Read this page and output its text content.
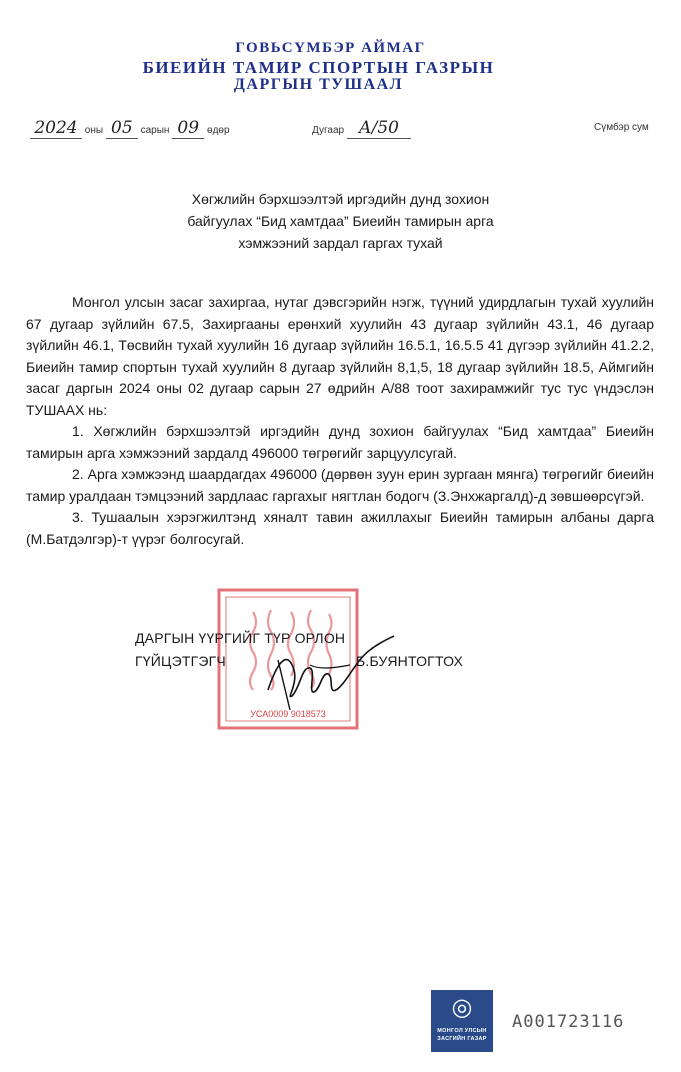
ГОВЬСҮМБЭР АЙМАГ
БИЕИЙН ТАМИР СПОРТЫН ГАЗРЫН
ДАРГЫН ТУШААЛ
2024 оны 05 сарын 09 өдөр	Дугаар А/50	Сүмбэр сум
Хөгжлийн бэрхшээлтэй иргэдийн дунд зохион
байгуулах “Бид хамтдаа” Биеийн тамирын арга
хэмжээний зардал гаргах тухай

Монгол улсын засаг захиргаа, нутаг дэвсгэрийн нэгж, түүний удирдлагын тухай хуулийн 67 дугаар зүйлийн 67.5, Захиргааны ерөнхий хуулийн 43 дугаар зүйлийн 43.1, 46 дугаар зүйлийн 46.1, Төсвийн тухай хуулийн 16 дугаар зүйлийн 16.5.1, 16.5.5 41 дүгээр зүйлийн 41.2.2, Биеийн тамир спортын тухай хуулийн 8 дугаар зүйлийн 8,1,5, 18 дугаар зүйлийн 18.5, Аймгийн засаг даргын 2024 оны 02 дугаар сарын 27 өдрийн А/88 тоот захирамжийг тус тус үндэслэн ТУШААХ нь:

1. Хөгжлийн бэрхшээлтэй иргэдийн дунд зохион байгуулах “Бид хамтдаа” Биеийн тамирын арга хэмжээний зардалд 496000 төгрөгийг зарцуулсугай.

2. Арга хэмжээнд шаардагдах 496000 (дөрвөн зуун ерин зургаан мянга) төгрөгийг биеийн тамир уралдаан тэмцээний зардлаас гаргахыг нягтлан бодогч (З.Энхжаргалд)-д зөвшөөрсүгэй.

3. Тушаалын хэрэгжилтэнд хяналт тавин ажиллахыг Биеийн тамирын албаны дарга (М.Батдэлгэр)-т үүрэг болгосугай.

УСА0009 9018573
ДАРГЫН ҮҮРГИЙГ ТҮР ОРЛОН
ГҮЙЦЭТГЭГЧ	Б.БУЯНТОГТОХ
◎
МОНГОЛ УЛСЫН
ЗАСГИЙН ГАЗАР
А001723116
